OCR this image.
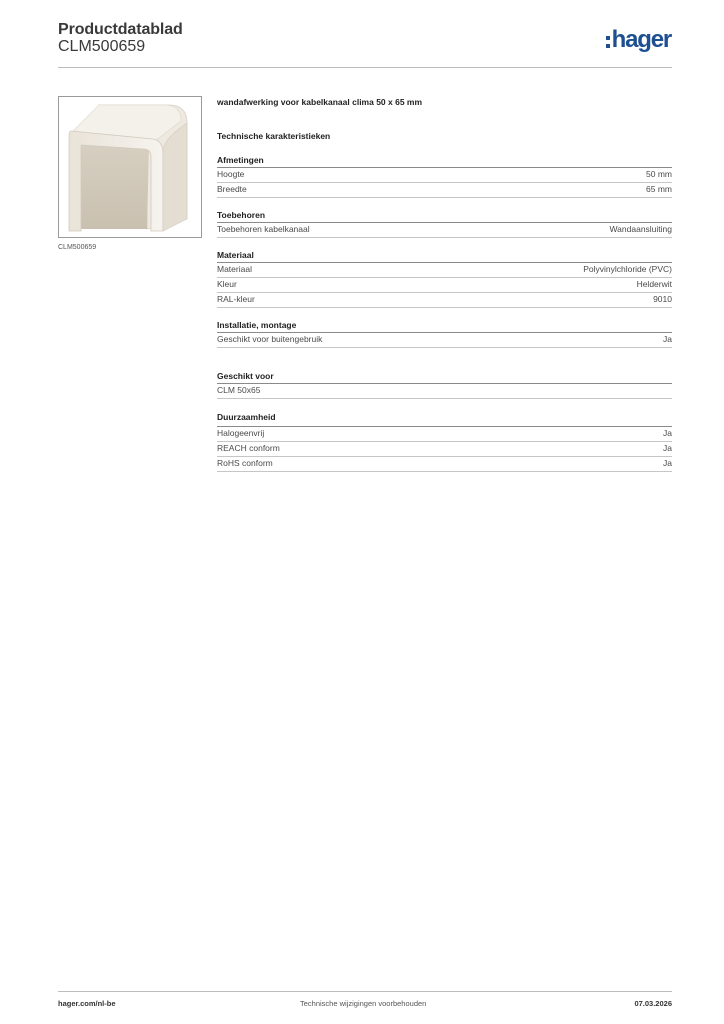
Productdatablad
CLM500659	hager
CLM500659
wandafwerking voor kabelkanaal clima 50 x 65 mm
Technische karakteristieken
Afmetingen
Hoogte	50 mm
Breedte	65 mm
Toebehoren
Toebehoren kabelkanaal	Wandaansluiting
Materiaal
Materiaal	Polyvinylchloride (PVC)
Kleur	Helderwit
RAL-kleur	9010
Installatie, montage
Geschikt voor buitengebruik	Ja
Geschikt voor
CLM 50x65
Duurzaamheid
Halogeenvrij	Ja
REACH conform	Ja
RoHS conform	Ja
hager.com/nl-be	Technische wijzigingen voorbehouden	07.03.2026
